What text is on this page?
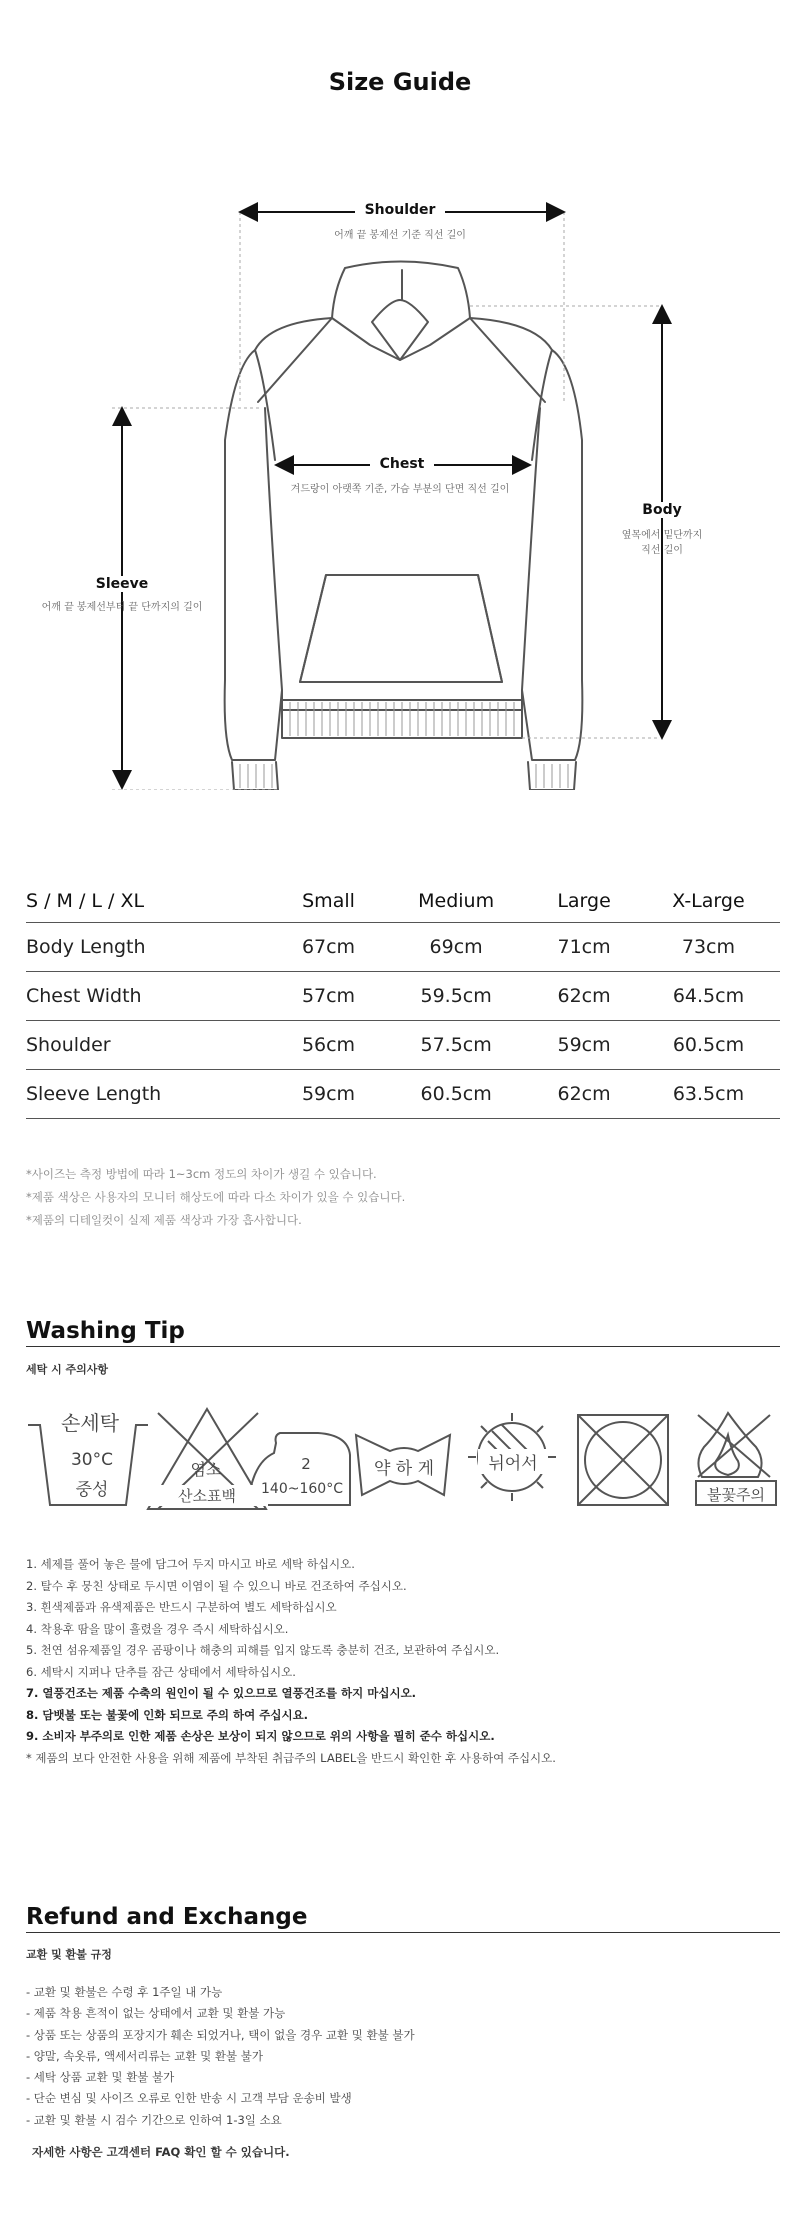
Size Guide
Shoulder
어깨 끝 봉제선 기준 직선 길이
Chest
겨드랑이 아랫쪽 기준, 가슴 부분의 단면 직선 길이
Body
옆목에서 밑단까지
직선 길이
Sleeve
어깨 끝 봉제선부터 끝 단까지의 길이
S / M / L / XL	Small	Medium	Large	X-Large
Body Length	67cm	69cm	71cm	73cm
Chest Width	57cm	59.5cm	62cm	64.5cm
Shoulder	56cm	57.5cm	59cm	60.5cm
Sleeve Length	59cm	60.5cm	62cm	63.5cm
*사이즈는 측정 방법에 따라 1~3cm 정도의 차이가 생길 수 있습니다.
*제품 색상은 사용자의 모니터 해상도에 따라 다소 차이가 있을 수 있습니다.
*제품의 디테일컷이 실제 제품 색상과 가장 흡사합니다.
Washing Tip
세탁 시 주의사항
손세탁
30°C
중성
염소
산소표백
2
140~160°C
약 하 게	뉘어서
불꽃주의
1. 세제를 풀어 놓은 물에 담그어 두지 마시고 바로 세탁 하십시오.
2. 탈수 후 뭉친 상태로 두시면 이염이 될 수 있으니 바로 건조하여 주십시오.
3. 흰색제품과 유색제품은 반드시 구분하여 별도 세탁하십시오
4. 착용후 땀을 많이 흘렸을 경우 즉시 세탁하십시오.
5. 천연 섬유제품일 경우 곰팡이나 해충의 피해를 입지 않도록 충분히 건조, 보관하여 주십시오.
6. 세탁시 지퍼나 단추를 잠근 상태에서 세탁하십시오.
7. 열풍건조는 제품 수축의 원인이 될 수 있으므로 열풍건조를 하지 마십시오.
8. 담뱃불 또는 불꽃에 인화 되므로 주의 하여 주십시요.
9. 소비자 부주의로 인한 제품 손상은 보상이 되지 않으므로 위의 사항을 필히 준수 하십시오.
* 제품의 보다 안전한 사용을 위해 제품에 부착된 취급주의 LABEL을 반드시 확인한 후 사용하여 주십시오.
Refund and Exchange
교환 및 환불 규정
- 교환 및 환불은 수령 후 1주일 내 가능
- 제품 착용 흔적이 없는 상태에서 교환 및 환불 가능
- 상품 또는 상품의 포장지가 훼손 되었거나, 택이 없을 경우 교환 및 환불 불가
- 양말, 속옷류, 액세서리류는 교환 및 환불 불가
- 세탁 상품 교환 및 환불 불가
- 단순 변심 및 사이즈 오류로 인한 반송 시 고객 부담 운송비 발생
- 교환 및 환불 시 검수 기간으로 인하여 1-3일 소요
자세한 사항은 고객센터 FAQ 확인 할 수 있습니다.
